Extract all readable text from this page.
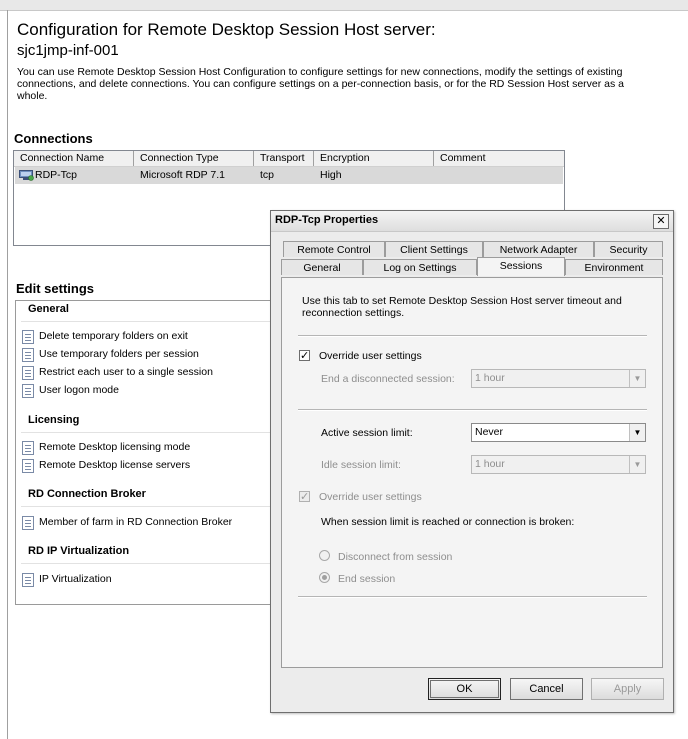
Configuration for Remote Desktop Session Host server:
sjc1jmp-inf-001
You can use Remote Desktop Session Host Configuration to configure settings for new connections, modify the settings of existing connections, and delete connections. You can configure settings on a per-connection basis, or for the RD Session Host server as a whole.
Connections
Connection Name	Connection Type	Transport	Encryption	Comment
RDP-Tcp	Microsoft RDP 7.1	tcp	High
Edit settings
General
Delete temporary folders on exit
Use temporary folders per session
Restrict each user to a single session
User logon mode
Licensing
Remote Desktop licensing mode
Remote Desktop license servers
RD Connection Broker
Member of farm in RD Connection Broker
RD IP Virtualization
IP Virtualization
RDP-Tcp Properties	✕
Remote Control	Client Settings	Network Adapter	Security
General	Log on Settings	Sessions	Environment
Use this tab to set Remote Desktop Session Host server timeout and reconnection settings.
✓ Override user settings
End a disconnected session:	1 hour	▼
Active session limit:	Never	▼
Idle session limit:	1 hour	▼
✓ Override user settings
When session limit is reached or connection is broken:
Disconnect from session
End session
OK	Cancel	Apply
